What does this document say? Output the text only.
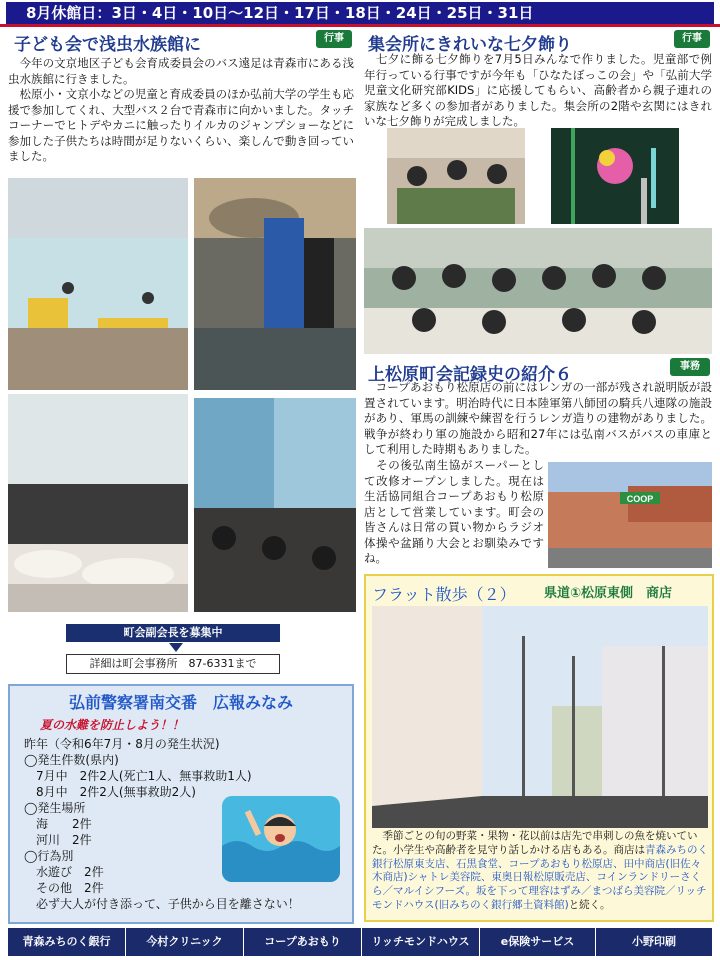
8月休館日：3日・4日・10日～12日・17日・18日・24日・25日・31日
子ども会で浅虫水族館に	行事
　今年の文京地区子ども会育成委員会のバス遠足は青森市にある浅虫水族館に行きました。
　松原小・文京小などの児童と育成委員のほか弘前大学の学生も応援で参加してくれ、大型バス２台で青森市に向かいました。タッチコーナーでヒトデやカニに触ったりイルカのジャンプショーなどに参加した子供たちは時間が足りないくらい、楽しんで動き回っていました。
町会副会長を募集中
詳細は町会事務所　87-6331まで
弘前警察署南交番　広報みなみ
夏の水難を防止しよう！！
昨年（令和6年7月・8月の発生状況)
◯発生件数(県内)
　7月中　2件2人(死亡1人、無事救助1人)
　8月中　2件2人(無事救助2人)
◯発生場所
　海　　2件
　河川　2件
◯行為別
　水遊び　2件
　その他　2件
　必ず大人が付き添って、子供から目を離さない！
集会所にきれいな七夕飾り	行事
　七夕に飾る七夕飾りを7月5日みんなで作りました。児童部で例年行っている行事ですが今年も「ひなたぼっこの会」や「弘前大学児童文化研究部KIDS」に応援してもらい、高齢者から親子連れの家族など多くの参加者がありました。集会所の2階や玄関にはきれいな七夕飾りが完成しました。
上松原町会記録史の紹介６	事務
　コープあおもり松原店の前にはレンガの一部が残され説明版が設置されています。明治時代に日本陸軍第八師団の騎兵八連隊の施設があり、軍馬の訓練や練習を行うレンガ造りの建物がありました。戦争が終わり軍の施設から昭和27年には弘南バスがバスの車庫として利用した時期もありました。
　その後弘南生協がスーパーとして改修オープンしました。現在は生活協同組合コープあおもり松原店として営業しています。町会の皆さんは日常の買い物からラジオ体操や盆踊り大会とお馴染みですね。
COOP
フラット散歩（２） 県道①松原東側　商店
　季節ごとの旬の野菜・果物・花以前は店先で串刺しの魚を焼いていた。小学生や高齢者を見守り話しかける店もある。商店は青森みちのく銀行松原東支店、石黒食堂、コープあおもり松原店、田中商店(旧佐々木商店)シャトレ美容院、東奥日報松原販売店、コインランドリーさくら／マルイシフーズ。坂を下って理容はずみ／まつばら美容院／リッチモンドハウス(旧みちのく銀行郷土資料館)と続く。
青森みちのく銀行	今村クリニック	コープあおもり	リッチモンドハウス	e保険サービス	小野印刷
